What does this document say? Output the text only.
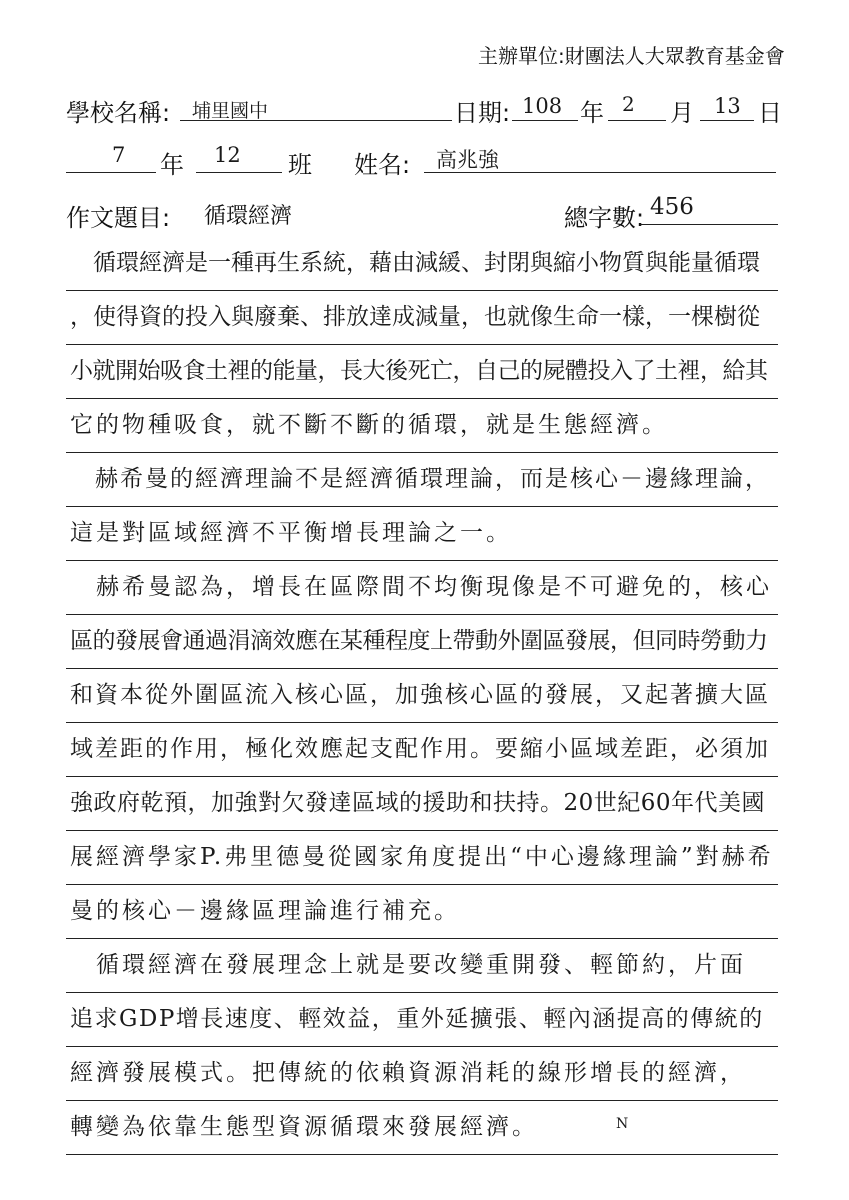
主辦單位:財團法人大眾教育基金會
學校名稱: 埔里國中	日期: 108 年 2 月 13 日
7 年 12 班 姓名: 高兆強
作文題目: 循環經濟	總字數: 456
　循環經濟是一種再生系統，藉由減緩、封閉與縮小物質與能量循環
，使得資的投入與廢棄、排放達成減量，也就像生命一樣，一棵樹從
小就開始吸食土裡的能量，長大後死亡，自己的屍體投入了土裡，給其
它的物種吸食，就不斷不斷的循環，就是生態經濟。
　赫希曼的經濟理論不是經濟循環理論，而是核心－邊緣理論，
這是對區域經濟不平衡增長理論之一。
　赫希曼認為，增長在區際間不均衡現像是不可避免的，核心
區的發展會通過涓滴效應在某種程度上帶動外圍區發展，但同時勞動力
和資本從外圍區流入核心區，加強核心區的發展，又起著擴大區
域差距的作用，極化效應起支配作用。要縮小區域差距，必須加
強政府乾預，加強對欠發達區域的援助和扶持。20世紀60年代美國
展經濟學家P.弗里德曼從國家角度提出“中心邊緣理論”對赫希
曼的核心－邊緣區理論進行補充。
　循環經濟在發展理念上就是要改變重開發、輕節約，片面
追求GDP增長速度、輕效益，重外延擴張、輕內涵提高的傳統的
經濟發展模式。把傳統的依賴資源消耗的線形增長的經濟，
轉變為依靠生態型資源循環來發展經濟。	N
